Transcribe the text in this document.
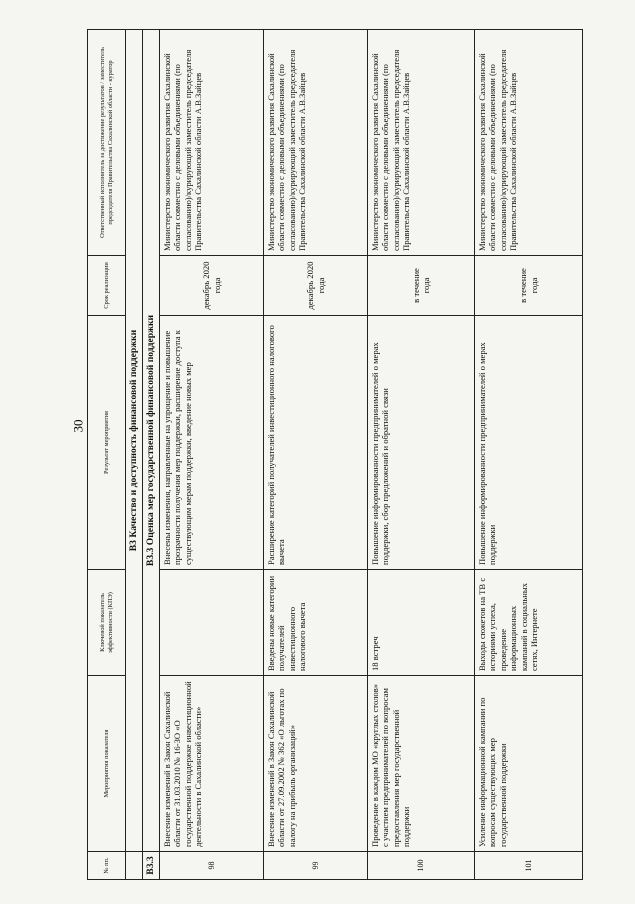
30
№ пп.	Мероприятия показателя	Ключевой показатель эффективности (КПЭ)	Результат мероприятия	Срок реализации	Ответственный исполнитель за достижение результатов / заместитель председателя Правительства Сахалинской области - куратор
	В3 Качество и доступность финансовой поддержки				
В3.3	В3.3 Оценка мер государственной финансовой поддержки				
98	Внесение изменений в Закон Сахалинской области от 31.03.2010 № 16-ЗО «О государственной поддержке инвестиционной деятельности в Сахалинской области»		Внесены изменения, направленные на упрощение и повышение прозрачности получения мер поддержки, расширение доступа к существующим мерам поддержки, введение новых мер	декабрь 2020 года	Министерство экономического развития Сахалинской области совместно с деловыми объединениями (по согласованию)/курирующий заместитель председателя Правительства Сахалинской области А.В.Зайцев
99	Внесение изменений в Закон Сахалинской области от 27.09.2002 № 362 «О льготах по налогу на прибыль организаций»	Введены новые категории получателей инвестиционного налогового вычета	Расширение категорий получателей инвестиционного налогового вычета	декабрь 2020 года	Министерство экономического развития Сахалинской области совместно с деловыми объединениями (по согласованию)/курирующий заместитель председателя Правительства Сахалинской области А.В.Зайцев
100	Проведение в каждом МО «круглых столов» с участием предпринимателей по вопросам предоставления мер государственной поддержки	18 встреч	Повышение информированности предпринимателей о мерах поддержки, сбор предложений и обратной связи	в течение года	Министерство экономического развития Сахалинской области совместно с деловыми объединениями (по согласованию)/курирующий заместитель председателя Правительства Сахалинской области А.В.Зайцев
101	Усиление информационной кампании по вопросам существующих мер государственной поддержки	Выходы сюжетов на ТВ с историями успеха, проведение информационных кампаний в социальных сетях, Интернете	Повышение информированности предпринимателей о мерах поддержки	в течение года	Министерство экономического развития Сахалинской области совместно с деловыми объединениями (по согласованию)/курирующий заместитель председателя Правительства Сахалинской области А.В.Зайцев
